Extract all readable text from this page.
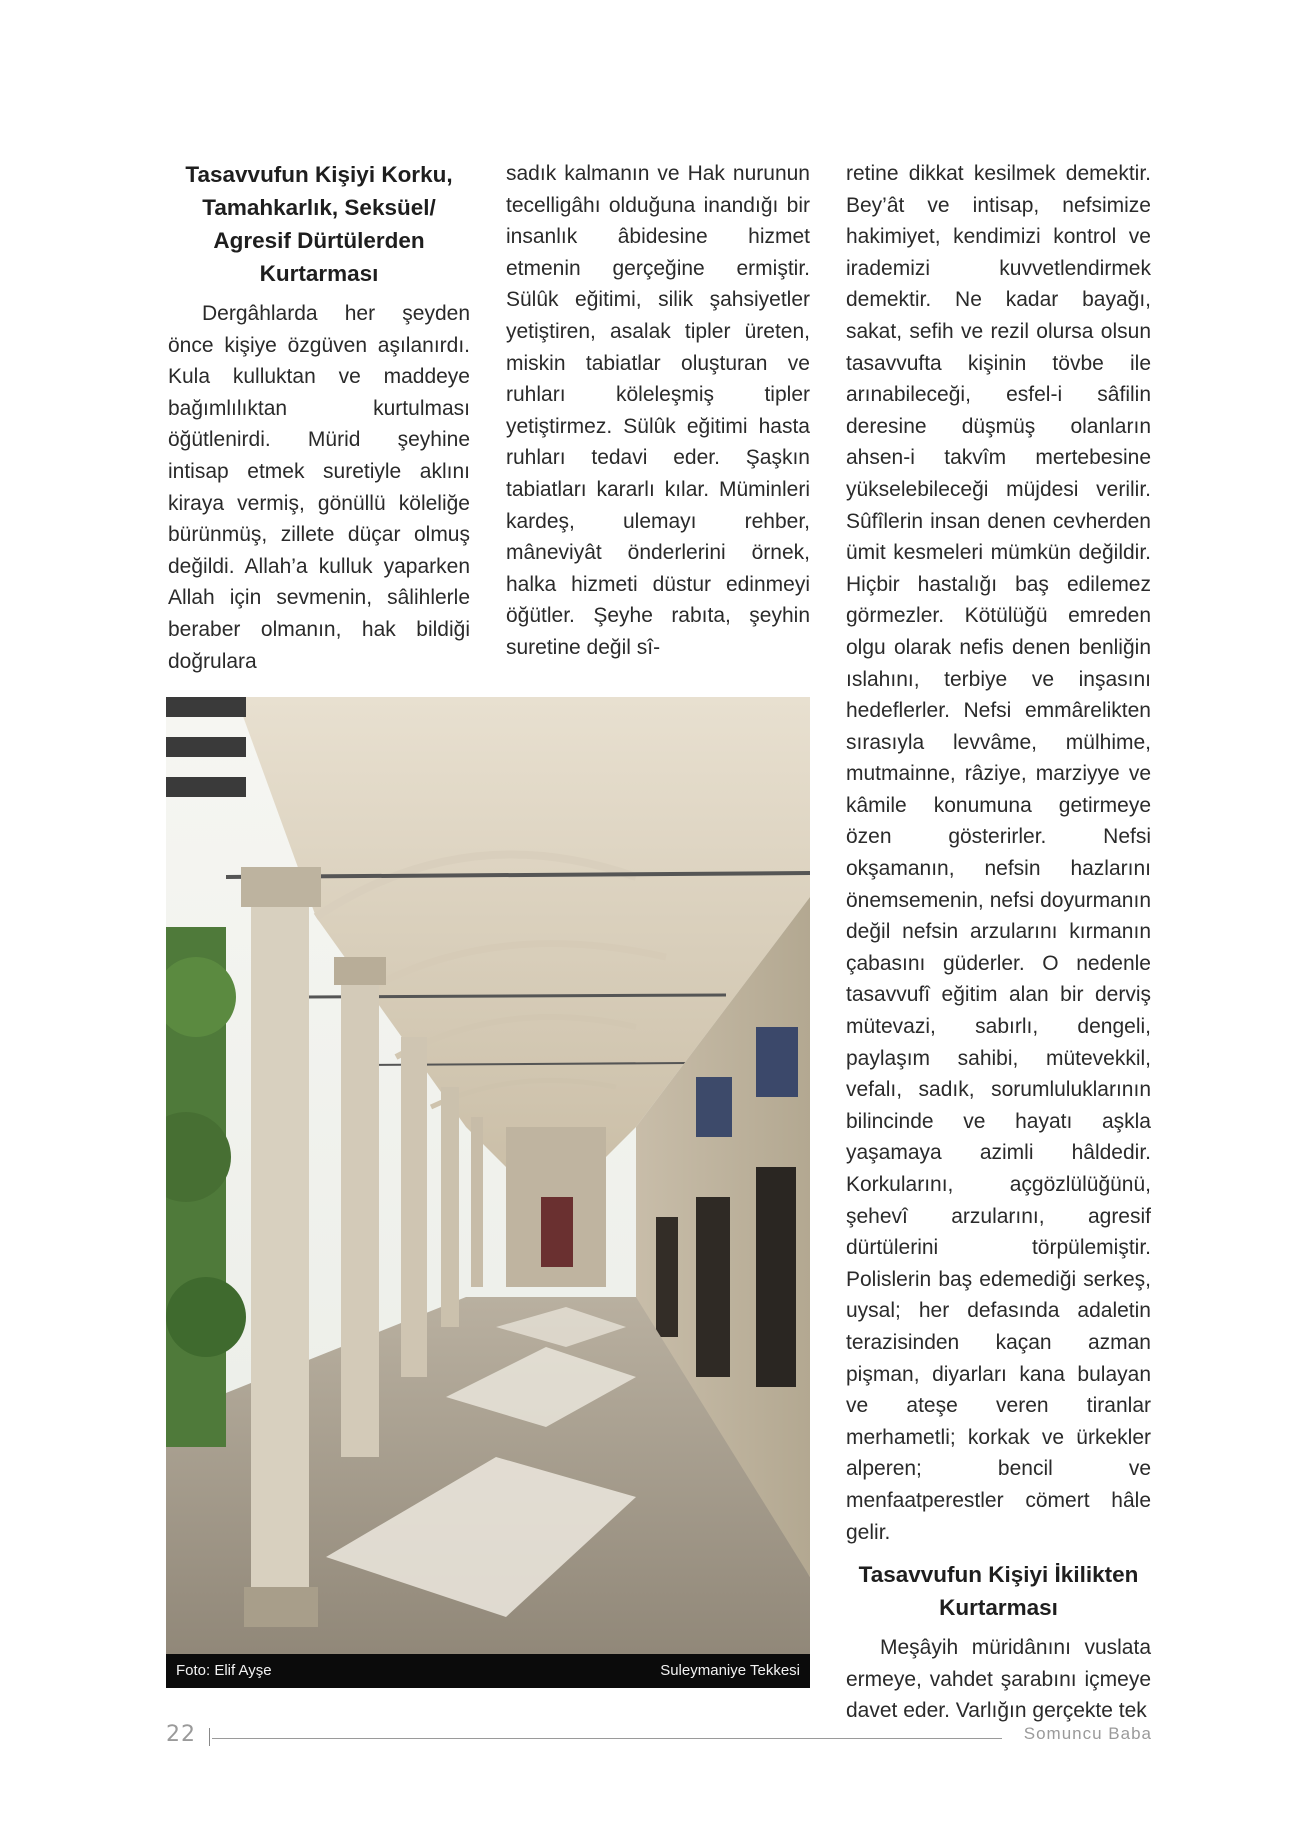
Tasavvufun Kişiyi Korku, Tamahkarlık, Seksüel/ Agresif Dürtülerden Kurtarması

Dergâhlarda her şeyden önce kişiye özgüven aşılanırdı. Kula kulluktan ve maddeye bağımlılıktan kurtulması öğütlenirdi. Mürid şeyhine intisap etmek suretiyle aklını kiraya vermiş, gönüllü köleliğe bürünmüş, zillete düçar olmuş değildi. Allah’a kulluk yaparken Allah için sevmenin, sâlihlerle beraber olmanın, hak bildiği doğrulara

sadık kalmanın ve Hak nurunun tecelligâhı olduğuna inandığı bir insanlık âbidesine hizmet etmenin gerçeğine ermiştir. Sülûk eğitimi, silik şahsiyetler yetiştiren, asalak tipler üreten, miskin tabiatlar oluşturan ve ruhları köleleşmiş tipler yetiştirmez. Sülûk eğitimi hasta ruhları tedavi eder. Şaşkın tabiatları kararlı kılar. Müminleri kardeş, ulemayı rehber, mâneviyât önderlerini örnek, halka hizmeti düstur edinmeyi öğütler. Şeyhe rabıta, şeyhin suretine değil sî-

retine dikkat kesilmek demektir. Bey’ât ve intisap, nefsimize hakimiyet, kendimizi kontrol ve irademizi kuvvetlendirmek demektir. Ne kadar bayağı, sakat, sefih ve rezil olursa olsun tasavvufta kişinin tövbe ile arınabileceği, esfel-i sâfilin deresine düşmüş olanların ahsen-i takvîm mertebesine yükselebileceği müjdesi verilir. Sûfîlerin insan denen cevherden ümit kesmeleri mümkün değildir. Hiçbir hastalığı baş edilemez görmezler. Kötülüğü emreden olgu olarak nefis denen benliğin ıslahını, terbiye ve inşasını hedeflerler. Nefsi emmârelikten sırasıyla levvâme, mülhime, mutmainne, râziye, marziyye ve kâmile konumuna getirmeye özen gösterirler. Nefsi okşamanın, nefsin hazlarını önemsemenin, nefsi doyurmanın değil nefsin arzularını kırmanın çabasını güderler. O nedenle tasavvufî eğitim alan bir derviş mütevazi, sabırlı, dengeli, paylaşım sahibi, mütevekkil, vefalı, sadık, sorumluluklarının bilincinde ve hayatı aşkla yaşamaya azimli hâldedir. Korkularını, açgözlülüğünü, şehevî arzularını, agresif dürtülerini törpülemiştir. Polislerin baş edemediği serkeş, uysal; her defasında adaletin terazisinden kaçan azman pişman, diyarları kana bulayan ve ateşe veren tiranlar merhametli; korkak ve ürkekler alperen; bencil ve menfaatperestler cömert hâle gelir.

Tasavvufun Kişiyi İkilikten Kurtarması

Meşâyih müridânını vuslata ermeye, vahdet şarabını içmeye davet eder. Varlığın gerçekte tek

Foto: Elif Ayşe	Suleymaniye Tekkesi
22	Somuncu Baba
